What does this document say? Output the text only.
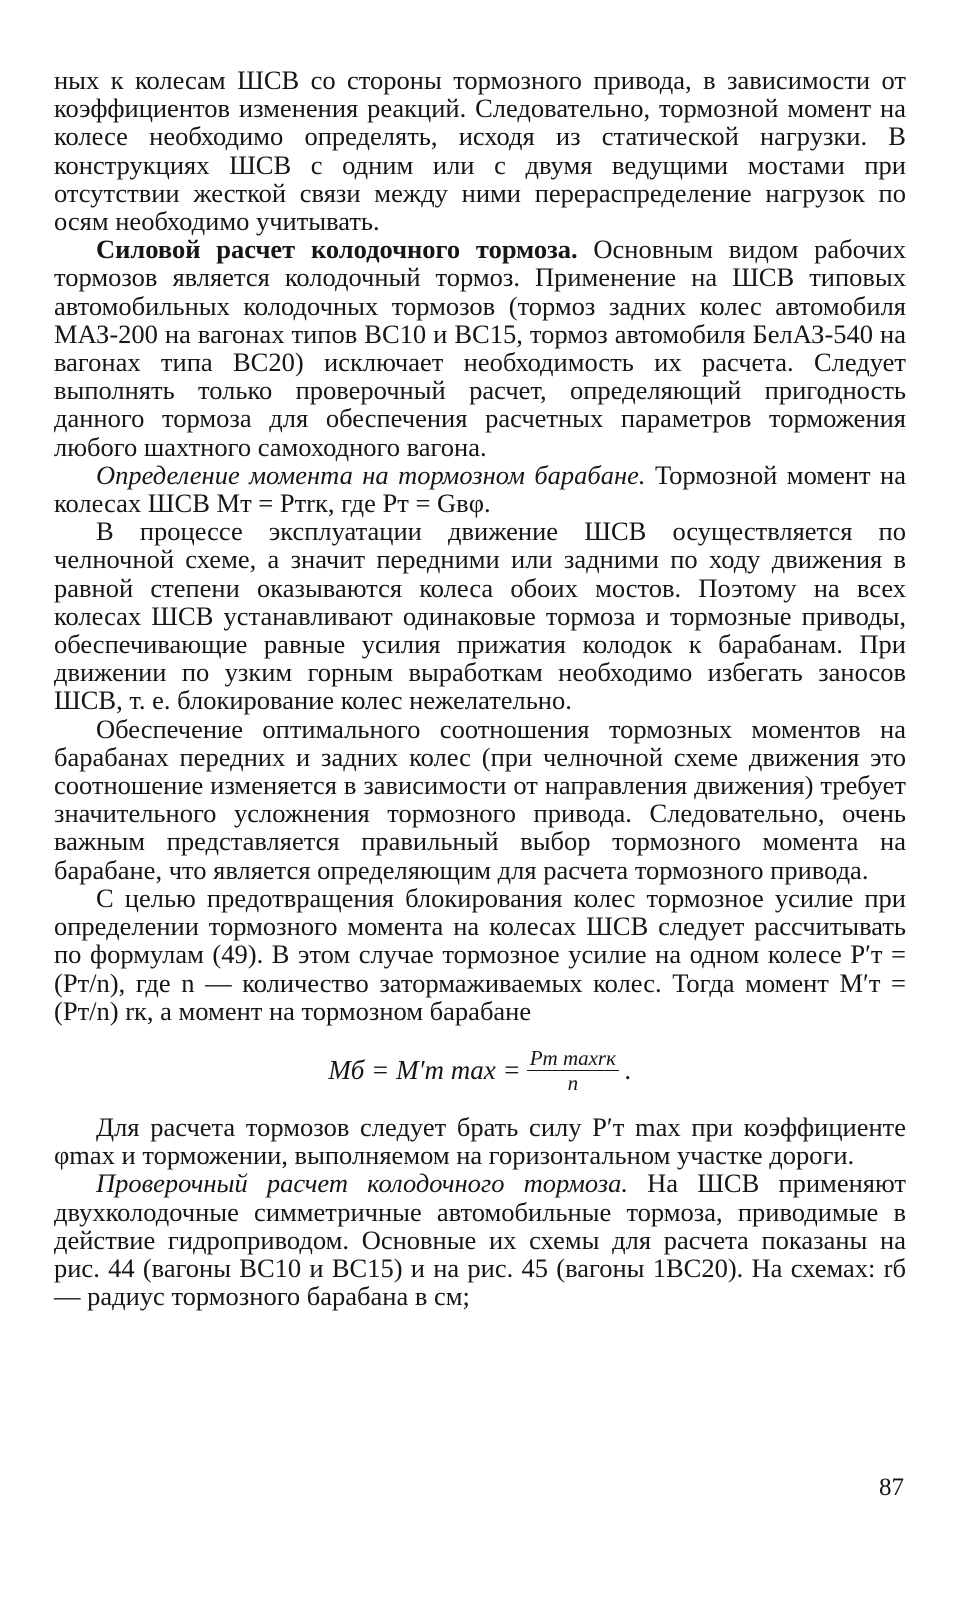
ных к колесам ШСВ со стороны тормозного привода, в зависимости от коэффициентов изменения реакций. Следовательно, тормозной момент на колесе необходимо определять, исходя из статической нагрузки. В конструкциях ШСВ с одним или с двумя ведущими мостами при отсутствии жесткой связи между ними перераспределение нагрузок по осям необходимо учитывать.

Силовой расчет колодочного тормоза. Основным видом рабочих тормозов является колодочный тормоз. Применение на ШСВ типовых автомобильных колодочных тормозов (тормоз задних колес автомобиля МАЗ-200 на вагонах типов ВС10 и ВС15, тормоз автомобиля БелАЗ-540 на вагонах типа ВС20) исключает необходимость их расчета. Следует выполнять только проверочный расчет, определяющий пригодность данного тормоза для обеспечения расчетных параметров торможения любого шахтного самоходного вагона.

Определение момента на тормозном барабане. Тормозной момент на колесах ШСВ Mт = Pтrк, где Pт = Gвφ.

В процессе эксплуатации движение ШСВ осуществляется по челночной схеме, а значит передними или задними по ходу движения в равной степени оказываются колеса обоих мостов. Поэтому на всех колесах ШСВ устанавливают одинаковые тормоза и тормозные приводы, обеспечивающие равные усилия прижатия колодок к барабанам. При движении по узким горным выработкам необходимо избегать заносов ШСВ, т. е. блокирование колес нежелательно.

Обеспечение оптимального соотношения тормозных моментов на барабанах передних и задних колес (при челночной схеме движения это соотношение изменяется в зависимости от направления движения) требует значительного усложнения тормозного привода. Следовательно, очень важным представляется правильный выбор тормозного момента на барабане, что является определяющим для расчета тормозного привода.

С целью предотвращения блокирования колес тормозное усилие при определении тормозного момента на колесах ШСВ следует рассчитывать по формулам (49). В этом случае тормозное усилие на одном колесе P′т = (Pт/n), где n — количество затормаживаемых колес. Тогда момент M′т = (Pт/n) rк, а момент на тормозном барабане

Mб = M′т $\max = \frac{\text{Pт maxrк}}{n}$ .

Для расчета тормозов следует брать силу P′т max при коэффициенте φmax и торможении, выполняемом на горизонтальном участке дороги.

Проверочный расчет колодочного тормоза. На ШСВ применяют двухколодочные симметричные автомобильные тормоза, приводимые в действие гидроприводом. Основные их схемы для расчета показаны на рис. 44 (вагоны ВС10 и ВС15) и на рис. 45 (вагоны 1ВС20). На схемах: rб — радиус тормозного барабана в см;

87
